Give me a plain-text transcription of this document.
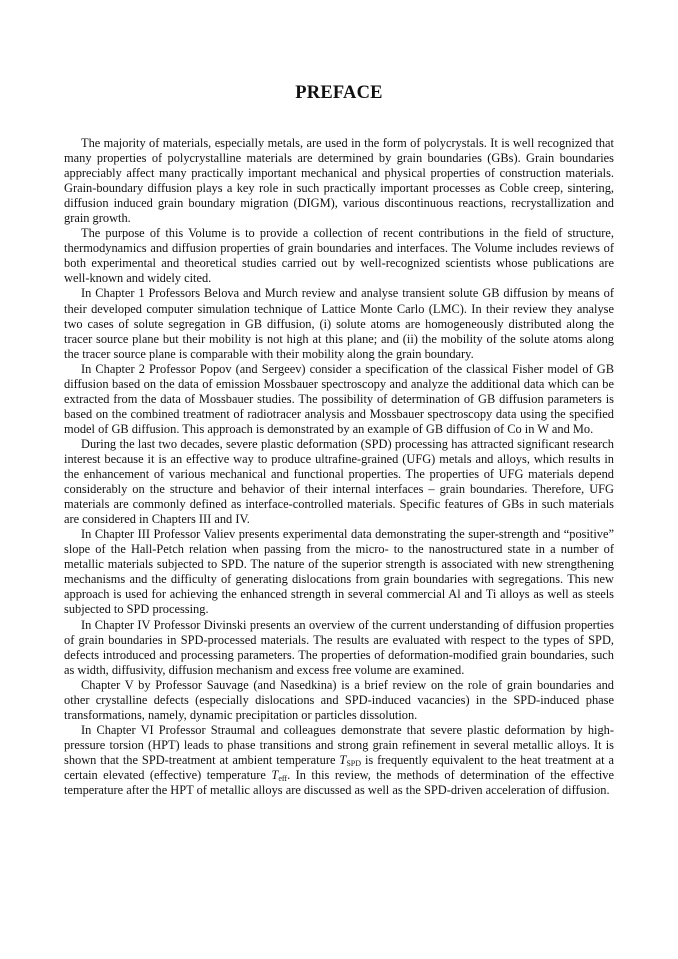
PREFACE

The majority of materials, especially metals, are used in the form of polycrystals. It is well recognized that many properties of polycrystalline materials are determined by grain boundaries (GBs). Grain boundaries appreciably affect many practically important mechanical and physical properties of construction materials. Grain-boundary diffusion plays a key role in such practically important processes as Coble creep, sintering, diffusion induced grain boundary migration (DIGM), various discontinuous reactions, recrystallization and grain growth.

The purpose of this Volume is to provide a collection of recent contributions in the field of structure, thermodynamics and diffusion properties of grain boundaries and interfaces. The Volume includes reviews of both experimental and theoretical studies carried out by well-recognized scientists whose publications are well-known and widely cited.

In Chapter 1 Professors Belova and Murch review and analyse transient solute GB diffusion by means of their developed computer simulation technique of Lattice Monte Carlo (LMC). In their review they analyse two cases of solute segregation in GB diffusion, (i) solute atoms are homogeneously distributed along the tracer source plane but their mobility is not high at this plane; and (ii) the mobility of the solute atoms along the tracer source plane is comparable with their mobility along the grain boundary.

In Chapter 2 Professor Popov (and Sergeev) consider a specification of the classical Fisher model of GB diffusion based on the data of emission Mossbauer spectroscopy and analyze the additional data which can be extracted from the data of Mossbauer studies. The possibility of determination of GB diffusion parameters is based on the combined treatment of radiotracer analysis and Mossbauer spectroscopy data using the specified model of GB diffusion. This approach is demonstrated by an example of GB diffusion of Co in W and Mo.

During the last two decades, severe plastic deformation (SPD) processing has attracted significant research interest because it is an effective way to produce ultrafine-grained (UFG) metals and alloys, which results in the enhancement of various mechanical and functional properties. The properties of UFG materials depend considerably on the structure and behavior of their internal interfaces – grain boundaries. Therefore, UFG materials are commonly defined as interface-controlled materials. Specific features of GBs in such materials are considered in Chapters III and IV.

In Chapter III Professor Valiev presents experimental data demonstrating the super-strength and “positive” slope of the Hall-Petch relation when passing from the micro- to the nanostructured state in a number of metallic materials subjected to SPD. The nature of the superior strength is associated with new strengthening mechanisms and the difficulty of generating dislocations from grain boundaries with segregations. This new approach is used for achieving the enhanced strength in several commercial Al and Ti alloys as well as steels subjected to SPD processing.

In Chapter IV Professor Divinski presents an overview of the current understanding of diffusion properties of grain boundaries in SPD-processed materials. The results are evaluated with respect to the types of SPD, defects introduced and processing parameters. The properties of deformation-modified grain boundaries, such as width, diffusivity, diffusion mechanism and excess free volume are examined.

Chapter V by Professor Sauvage (and Nasedkina) is a brief review on the role of grain boundaries and other crystalline defects (especially dislocations and SPD-induced vacancies) in the SPD-induced phase transformations, namely, dynamic precipitation or particles dissolution.

In Chapter VI Professor Straumal and colleagues demonstrate that severe plastic deformation by high-pressure torsion (HPT) leads to phase transitions and strong grain refinement in several metallic alloys. It is shown that the SPD-treatment at ambient temperature $T_{SPD}$ is frequently equivalent to the heat treatment at a certain elevated (effective) temperature $T_{eff}$. In this review, the methods of determination of the effective temperature after the HPT of metallic alloys are discussed as well as the SPD-driven acceleration of diffusion.
